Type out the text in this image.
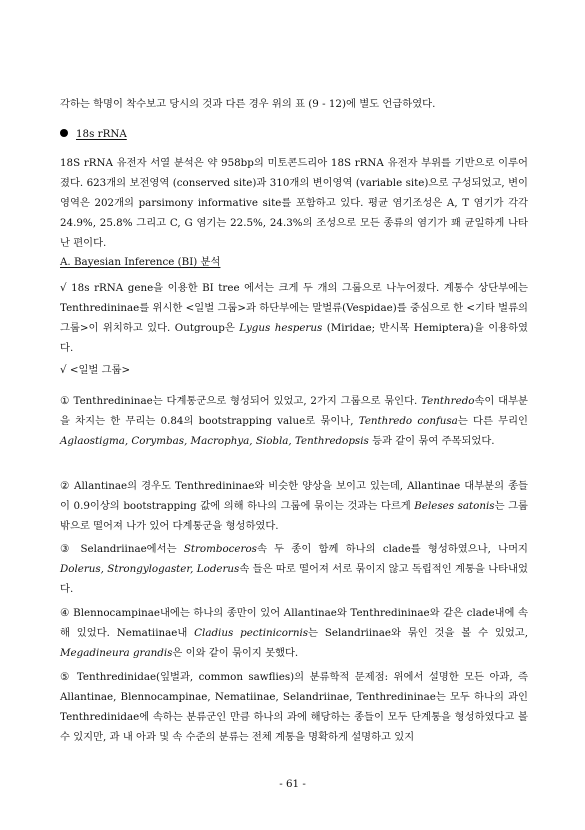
각하는 학명이 착수보고 당시의 것과 다른 경우 위의 표 (9 - 12)에 별도 언급하였다.

18s rRNA

18S rRNA 유전자 서열 분석은 약 958bp의 미토콘드리아 18S rRNA 유전자 부위를 기반으로 이루어졌다. 623개의 보전영역 (conserved site)과 310개의 변이영역 (variable site)으로 구성되었고, 변이영역은 202개의 parsimony informative site를 포함하고 있다. 평균 염기조성은 A, T 염기가 각각 24.9%, 25.8% 그리고 C, G 염기는 22.5%, 24.3%의 조성으로 모든 종류의 염기가 꽤 균일하게 나타난 편이다.

A. Bayesian Inference (BI) 분석

√ 18s rRNA gene을 이용한 BI tree 에서는 크게 두 개의 그룹으로 나누어졌다. 계통수 상단부에는 Tenthredininae를 위시한 <일벌 그룹>과 하단부에는 말벌류(Vespidae)를 중심으로 한 <기타 벌류의 그룹>이 위치하고 있다. Outgroup은 Lygus hesperus (Miridae; 반시목 Hemiptera)을 이용하였다.

√ <일벌 그룹>

① Tenthredininae는 다계통군으로 형성되어 있었고, 2가지 그룹으로 묶인다. Tenthredo속이 대부분을 차지는 한 무리는 0.84의 bootstrapping value로 묶이나, Tenthredo confusa는 다른 무리인 Aglaostigma, Corymbas, Macrophya, Siobla, Tenthredopsis 등과 같이 묶여 주목되었다.

② Allantinae의 경우도 Tenthredininae와 비슷한 양상을 보이고 있는데, Allantinae 대부분의 종들이 0.9이상의 bootstrapping 값에 의해 하나의 그룹에 묶이는 것과는 다르게 Beleses satonis는 그룹 밖으로 떨어져 나가 있어 다계통군을 형성하였다.

③ Selandriinae에서는 Stromboceros속 두 종이 함께 하나의 clade를 형성하였으나, 나머지 Dolerus, Strongylogaster, Loderus속 들은 따로 떨어져 서로 묶이지 않고 독립적인 계통을 나타내었다.

④ Blennocampinae내에는 하나의 종만이 있어 Allantinae와 Tenthredininae와 같은 clade내에 속해 있었다. Nematiinae내 Cladius pectinicornis는 Selandriinae와 묶인 것을 볼 수 있었고, Megadineura grandis은 이와 같이 묶이지 못했다.

⑤ Tenthredinidae(잎벌과, common sawflies)의 분류학적 문제점: 위에서 설명한 모든 아과, 즉 Allantinae, Blennocampinae, Nematiinae, Selandriinae, Tenthredininae는 모두 하나의 과인 Tenthredinidae에 속하는 분류군인 만큼 하나의 과에 해당하는 종들이 모두 단계통을 형성하였다고 볼 수 있지만, 과 내 아과 및 속 수준의 분류는 전체 계통을 명확하게 설명하고 있지

- 61 -
